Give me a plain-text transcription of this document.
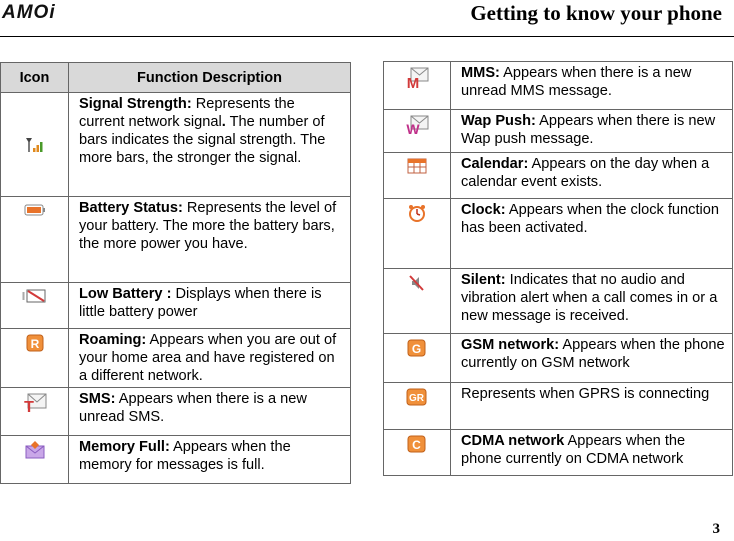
AMOi	Getting to know your phone
Icon	Function Description
	Signal Strength: Represents the current network signal. The number of bars indicates the signal strength. The more bars, the stronger the signal.
	Battery Status: Represents the level of your battery. The more the battery bars, the more power you have.
	Low Battery : Displays when there is little battery power

R	Roaming: Appears when you are out of your home area and have registered on a different network.

T	SMS: Appears when there is a new unread SMS.
	Memory Full: Appears when the memory for messages is full.
M	MMS: Appears when there is a new unread MMS message.

W	Wap Push: Appears when there is new Wap push message.
	Calendar: Appears on the day when a calendar event exists.
	Clock: Appears when the clock function has been activated.
	Silent: Indicates that no audio and vibration alert when a call comes in or a new message is received.

G	GSM network: Appears when the phone currently on GSM network

GR	Represents when GPRS is connecting

C	CDMA network Appears when the phone currently on CDMA network
3
